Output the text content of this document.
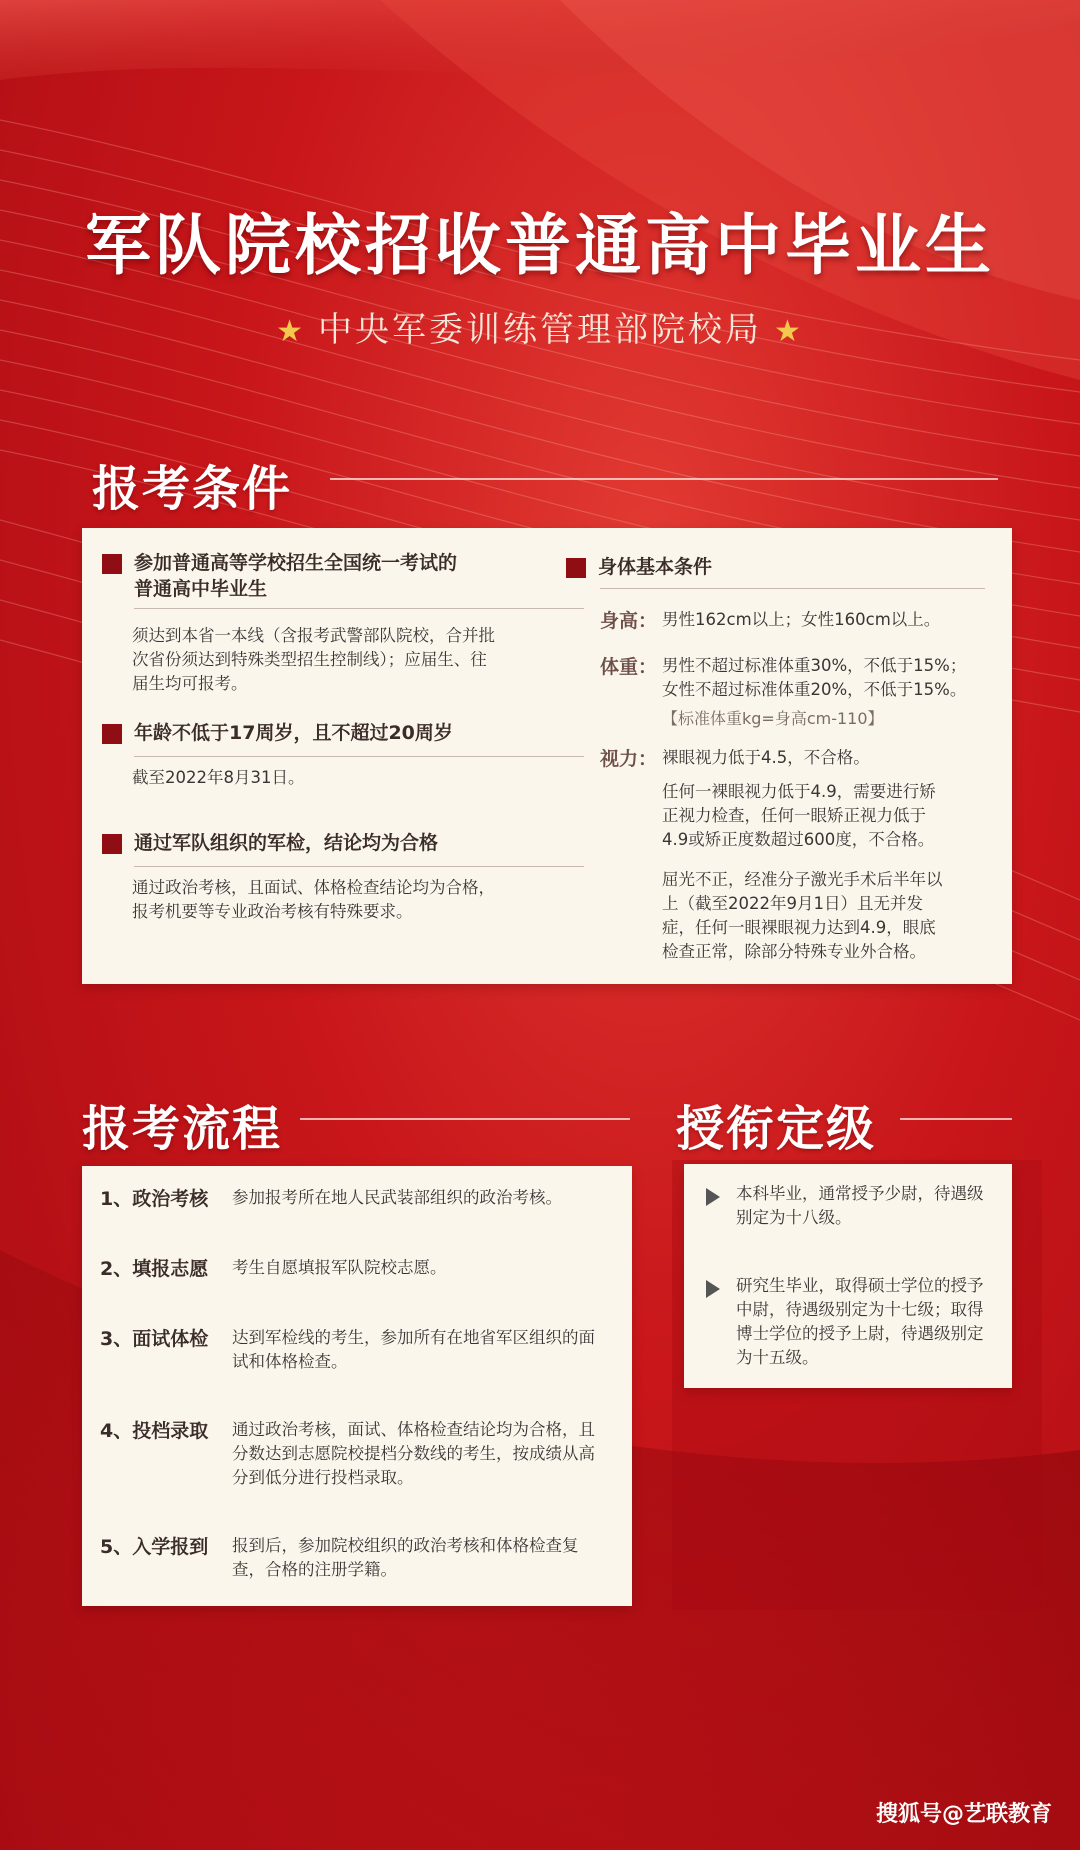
军队院校招收普通高中毕业生
★ 中央军委训练管理部院校局 ★
报考条件
参加普通高等学校招生全国统一考试的
普通高中毕业生
须达到本省一本线（含报考武警部队院校，合并批
次省份须达到特殊类型招生控制线）；应届生、往
届生均可报考。
年龄不低于17周岁，且不超过20周岁
截至2022年8月31日。
通过军队组织的军检，结论均为合格
通过政治考核，且面试、体格检查结论均为合格，
报考机要等专业政治考核有特殊要求。
身体基本条件
身高： 男性162cm以上；女性160cm以上。
体重： 男性不超过标准体重30%，不低于15%；
女性不超过标准体重20%，不低于15%。
【标准体重kg=身高cm-110】
视力： 裸眼视力低于4.5，不合格。
任何一裸眼视力低于4.9，需要进行矫
正视力检查，任何一眼矫正视力低于
4.9或矫正度数超过600度，不合格。
屈光不正，经准分子激光手术后半年以
上（截至2022年9月1日）且无并发
症，任何一眼裸眼视力达到4.9，眼底
检查正常，除部分特殊专业外合格。
报考流程
1、政治考核 参加报考所在地人民武装部组织的政治考核。
2、填报志愿 考生自愿填报军队院校志愿。
3、面试体检 达到军检线的考生，参加所有在地省军区组织的面试和体格检查。
4、投档录取 通过政治考核，面试、体格检查结论均为合格，且分数达到志愿院校提档分数线的考生，按成绩从高分到低分进行投档录取。
5、入学报到 报到后，参加院校组织的政治考核和体格检查复查，合格的注册学籍。
授衔定级
本科毕业，通常授予少尉，待遇级别定为十八级。
研究生毕业，取得硕士学位的授予中尉，待遇级别定为十七级；取得博士学位的授予上尉，待遇级别定为十五级。
搜狐号@艺联教育
